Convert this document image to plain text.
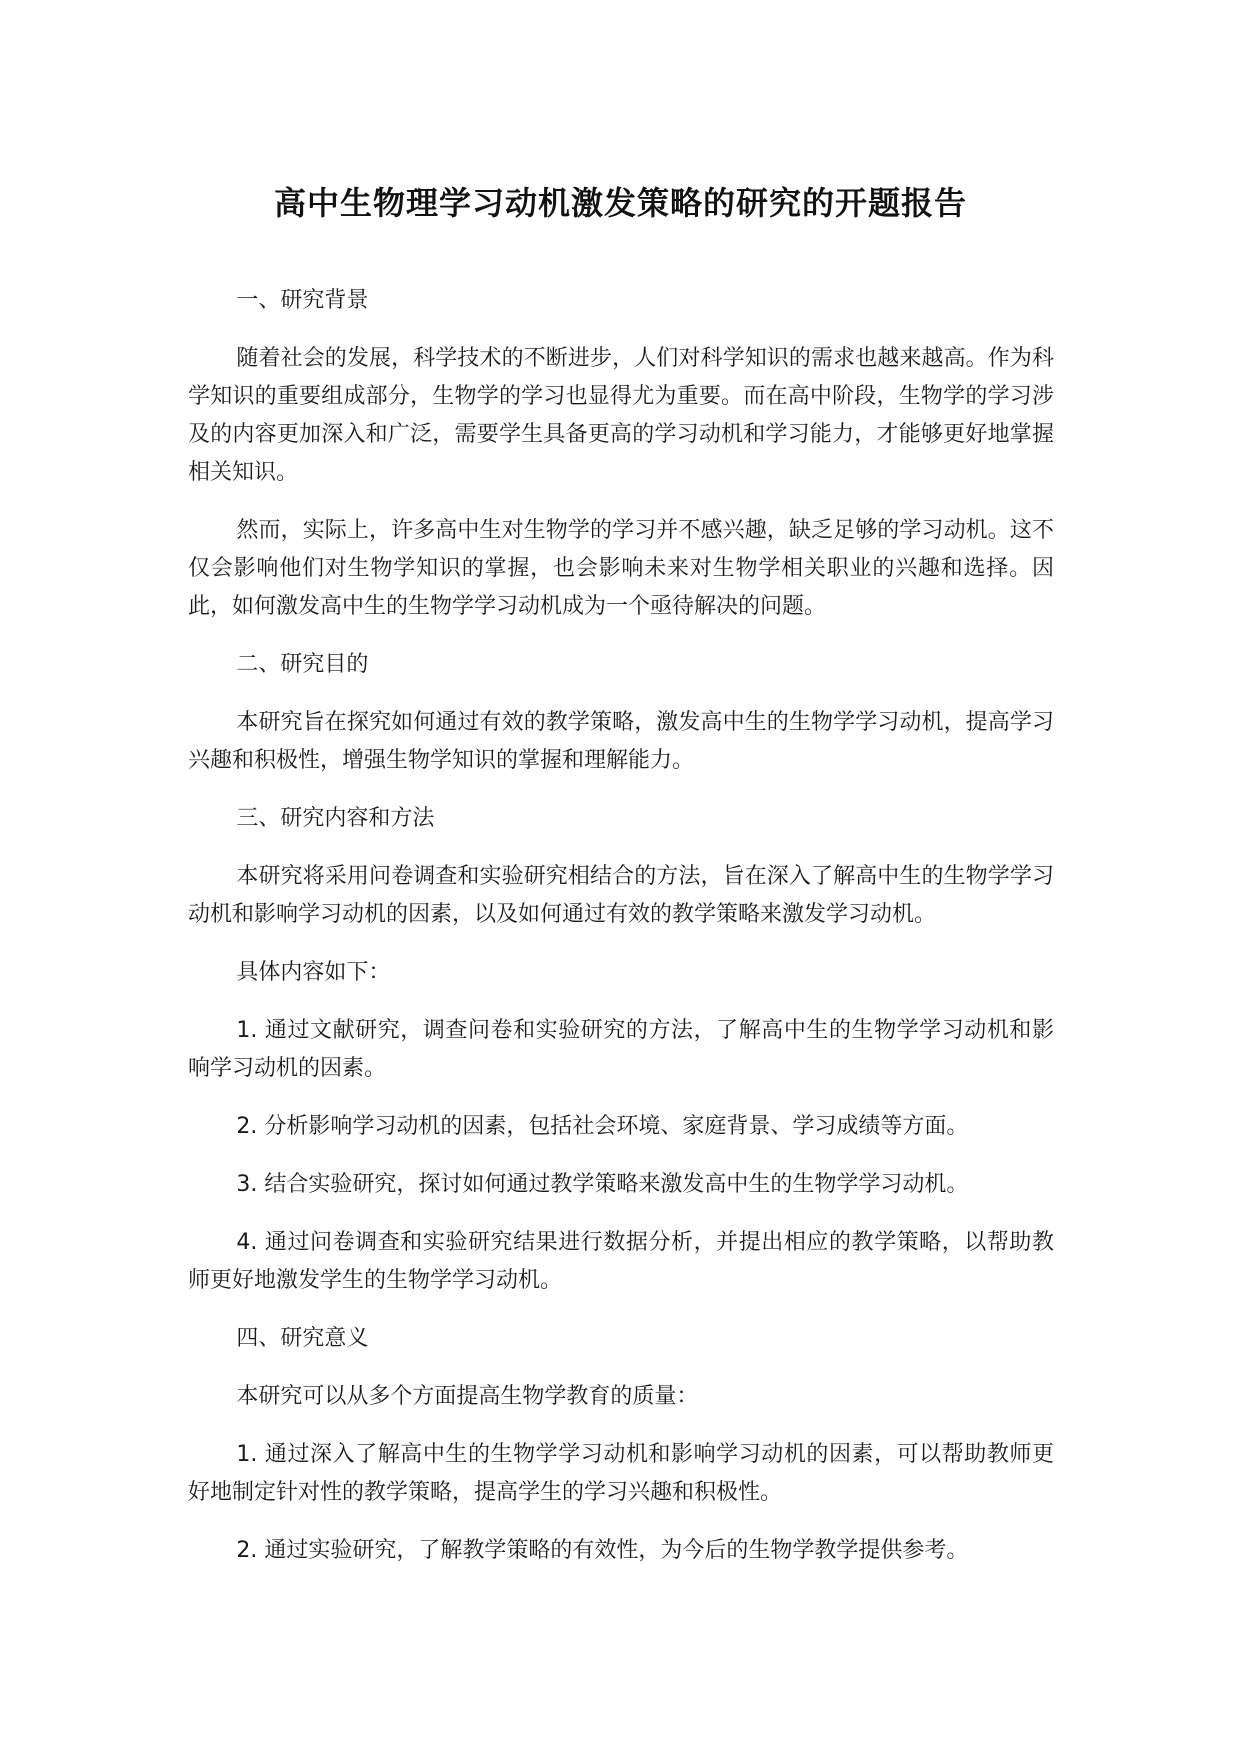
高中生物理学习动机激发策略的研究的开题报告

一、研究背景

随着社会的发展，科学技术的不断进步，人们对科学知识的需求也越来越高。作为科学知识的重要组成部分，生物学的学习也显得尤为重要。而在高中阶段，生物学的学习涉及的内容更加深入和广泛，需要学生具备更高的学习动机和学习能力，才能够更好地掌握相关知识。

然而，实际上，许多高中生对生物学的学习并不感兴趣，缺乏足够的学习动机。这不仅会影响他们对生物学知识的掌握，也会影响未来对生物学相关职业的兴趣和选择。因此，如何激发高中生的生物学学习动机成为一个亟待解决的问题。

二、研究目的

本研究旨在探究如何通过有效的教学策略，激发高中生的生物学学习动机，提高学习兴趣和积极性，增强生物学知识的掌握和理解能力。

三、研究内容和方法

本研究将采用问卷调查和实验研究相结合的方法，旨在深入了解高中生的生物学学习动机和影响学习动机的因素，以及如何通过有效的教学策略来激发学习动机。

具体内容如下：

1. 通过文献研究，调查问卷和实验研究的方法，了解高中生的生物学学习动机和影响学习动机的因素。

2. 分析影响学习动机的因素，包括社会环境、家庭背景、学习成绩等方面。

3. 结合实验研究，探讨如何通过教学策略来激发高中生的生物学学习动机。

4. 通过问卷调查和实验研究结果进行数据分析，并提出相应的教学策略，以帮助教师更好地激发学生的生物学学习动机。

四、研究意义

本研究可以从多个方面提高生物学教育的质量：

1. 通过深入了解高中生的生物学学习动机和影响学习动机的因素，可以帮助教师更好地制定针对性的教学策略，提高学生的学习兴趣和积极性。

2. 通过实验研究，了解教学策略的有效性，为今后的生物学教学提供参考。
